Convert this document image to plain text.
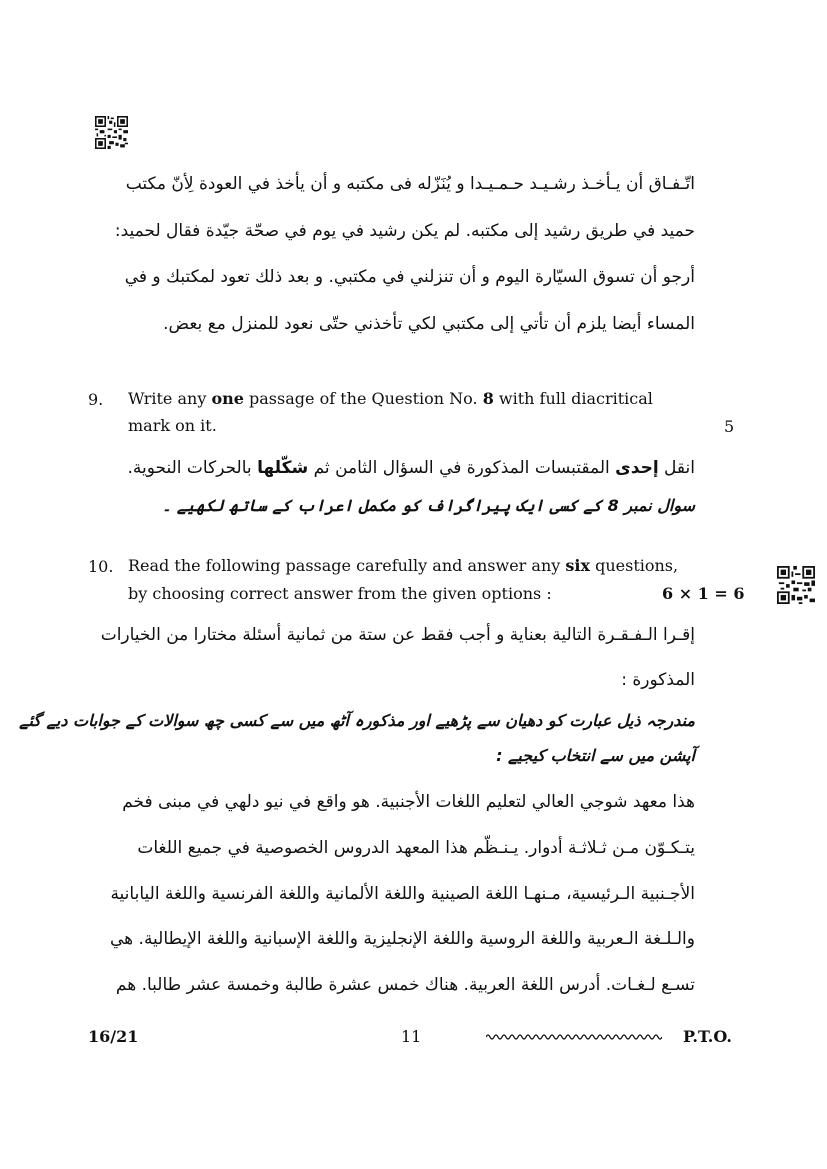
اتّـفـاق أن يـأخـذ رشـيـد حـمـيـدا و يُنَزّله فى مكتبه و أن يأخذ في العودة لِأنّ مكتب
حميد في طريق رشيد إلى مكتبه. لم يكن رشيد في يوم في صحّة جيّدة فقال لحميد:
أرجو أن تسوق السيّارة اليوم و أن تنزلني في مكتبي. و بعد ذلك تعود لمكتبك و في
المساء أيضا يلزم أن تأتي إلى مكتبي لكي تأخذني حتّى نعود للمنزل مع بعض.
9. Write any one passage of the Question No. 8 with full diacritical
mark on it.	5
انقل إحدى المقتبسات المذكورة في السؤال الثامن ثم شكّلها بالحركات النحوية.
سوال نمبر 8 کے کسی ایک پیراگراف کو مکمل اعراب کے ساتھ لکھیے ۔
10. Read the following passage carefully and answer any six questions,
by choosing correct answer from the given options :	6 × 1 = 6
إقـرا الـفـقـرة التالية بعناية و أجب فقط عن ستة من ثمانية أسئلة مختارا من الخيارات
المذكورة :
مندرجہ ذیل عبارت کو دھیان سے پڑھیے اور مذکورہ آٹھ میں سے کسی چھ سوالات کے جوابات دیے گئے
آپشن میں سے انتخاب کیجیے :
هذا معهد شوجي العالي لتعليم اللغات الأجنبية. هو واقع في نيو دلهي في مبنى فخم
يتـكـوّن مـن ثـلاثـة أدوار. يـنـظّم هذا المعهد الدروس الخصوصية في جميع اللغات
الأجـنبية الـرئيسية، مـنهـا اللغة الصينية واللغة الألمانية واللغة الفرنسية واللغة اليابانية
والـلـغة الـعربية واللغة الروسية واللغة الإنجليزية واللغة الإسبانية واللغة الإيطالية. هي
تسـع لـغـات. أدرس اللغة العربية. هناك خمس عشرة طالبة وخمسة عشر طالبا. هم
16/21	11	P.T.O.
